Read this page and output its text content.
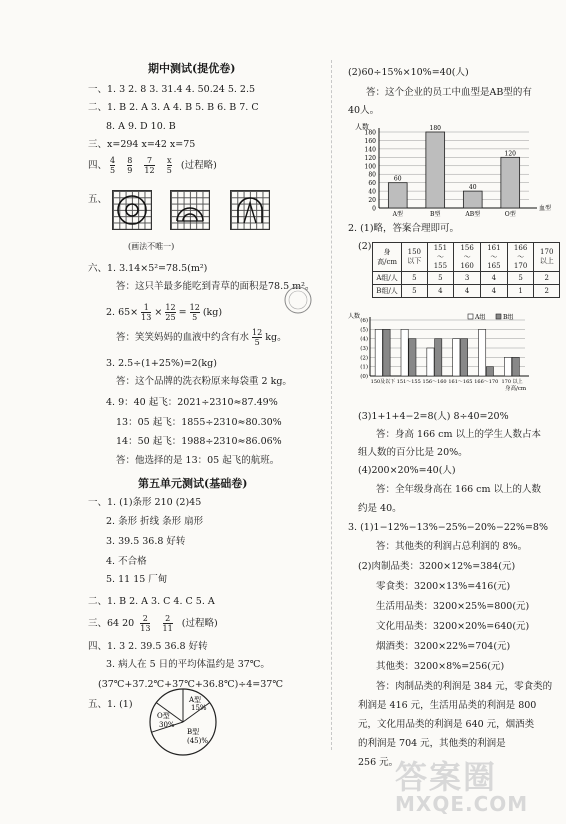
期中测试(提优卷)
一、1. 3 2. 8 3. 31.4 4. 50.24 5. 2.5
二、1. B 2. A 3. A 4. B 5. B 6. B 7. C
8. A 9. D 10. B
三、x=294 x=42 x=75
四、 $\frac{4}{5}$
$\frac{8}{9}$
$\frac{7}{12}$
$\frac{x}{5}$ (过程略)
五、
(画法不唯一)
六、1. 3.14×5²=78.5(m²)
答：这只羊最多能吃到青草的面积是78.5 m²。
2. $65\times \frac{1}{13} \times \frac{12}{25} = \frac{12}{5} (kg)$
答：笑笑妈妈的血液中约含有水 $\frac{12}{5}$ kg。
3. 2.5÷(1+25%)=2(kg)
答：这个品牌的洗衣粉原来每袋重 2 kg。
4. 9：40 起飞：2021÷2310≈87.49%
13：05 起飞：1855÷2310≈80.30%
14：50 起飞：1988÷2310≈86.06%
答：他选择的是 13：05 起飞的航班。
第五单元测试(基础卷)
一、1. (1)条形 210 (2)45
2. 条形 折线 条形 扇形
3. 39.5 36.8 好转
4. 不合格
5. 11 15 厂甸
二、1. B 2. A 3. C 4. C 5. A
三、64 $20 \frac{2}{13}$
$\frac{2}{11}$ (过程略)
四、1. 3 2. 39.5 36.8 好转
3. 病人在 5 日的平均体温约是 37℃。
(37℃+37.2℃+37℃+36.8℃)÷4=37℃
五、1. (1)	A型
15%
O型
30%
B型
(45)%
(2)60÷15%×10%=40(人)
答：这个企业的员工中血型是AB型的有
40人。
人数
0
20
40
60
80
100
120
140
160
180
血型
60
A型
180
B型
40
AB型
120
O型
2. (1)略，答案合理即可。
(2) 身高/cm	150 以下	151～155	156～160	161～165	166～170	170 以上
A组/人	5	5	3	4	5	2
B组/人	5	4	4	4	1	2
人数
(0)
(1)
(2)
(3)
(4)
(5)
(6)
身高/cm
A组	B组
150及以下 151～155 156～160 161～165 166～170 170 以上
(3)1+1+4−2=8(人) 8÷40=20%
答：身高 166 cm 以上的学生人数占本
组人数的百分比是 20%。
(4)200×20%=40(人)
答：全年级身高在 166 cm 以上的人数
约是 40。
3. (1)1−12%−13%−25%−20%−22%=8%
答：其他类的利润占总利润的 8%。
(2)肉制品类：3200×12%=384(元)
零食类：3200×13%=416(元)
生活用品类：3200×25%=800(元)
文化用品类：3200×20%=640(元)
烟酒类：3200×22%=704(元)
其他类：3200×8%=256(元)
答：肉制品类的利润是 384 元，零食类的
利润是 416 元，生活用品类的利润是 800
元，文化用品类的利润是 640 元，烟酒类
的利润是 704 元，其他类的利润是
256 元。
答案圈
MXQE.COM
